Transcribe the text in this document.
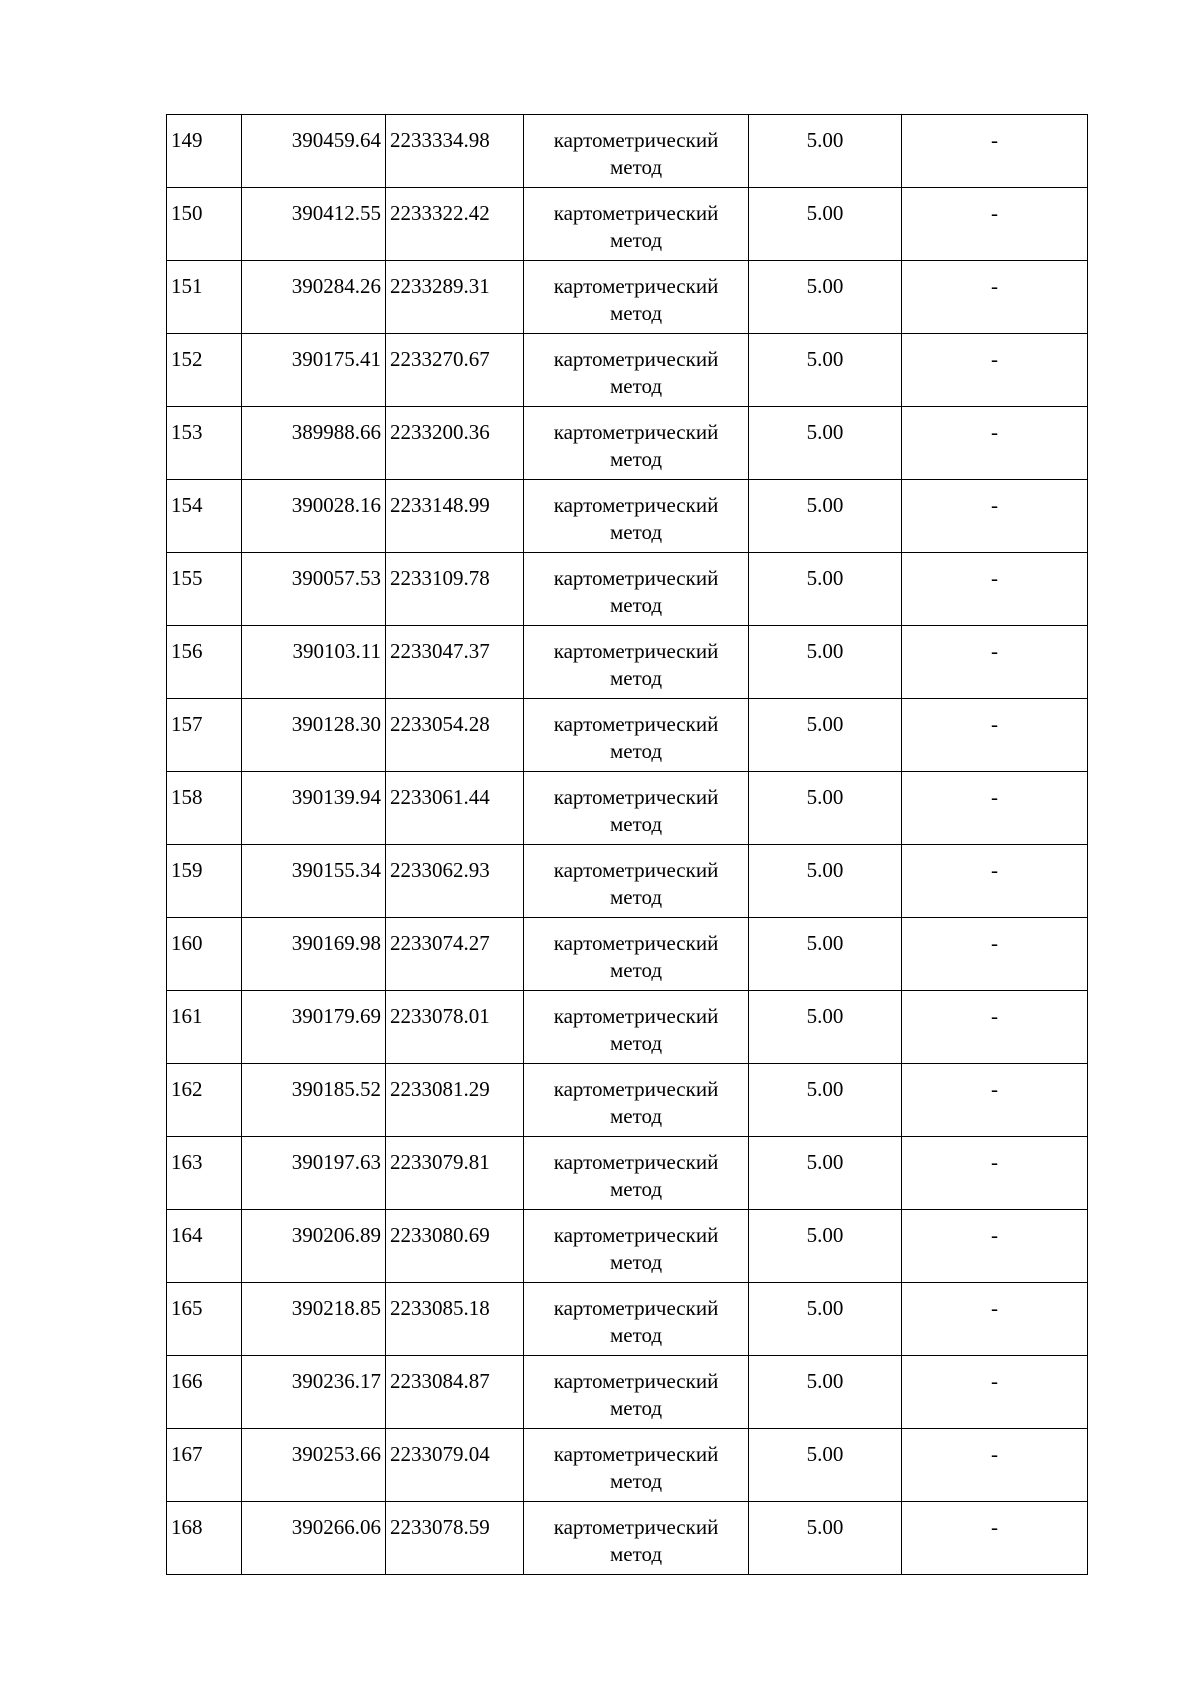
149	390459.64	2233334.98	картометрический метод	5.00	-
150	390412.55	2233322.42	картометрический метод	5.00	-
151	390284.26	2233289.31	картометрический метод	5.00	-
152	390175.41	2233270.67	картометрический метод	5.00	-
153	389988.66	2233200.36	картометрический метод	5.00	-
154	390028.16	2233148.99	картометрический метод	5.00	-
155	390057.53	2233109.78	картометрический метод	5.00	-
156	390103.11	2233047.37	картометрический метод	5.00	-
157	390128.30	2233054.28	картометрический метод	5.00	-
158	390139.94	2233061.44	картометрический метод	5.00	-
159	390155.34	2233062.93	картометрический метод	5.00	-
160	390169.98	2233074.27	картометрический метод	5.00	-
161	390179.69	2233078.01	картометрический метод	5.00	-
162	390185.52	2233081.29	картометрический метод	5.00	-
163	390197.63	2233079.81	картометрический метод	5.00	-
164	390206.89	2233080.69	картометрический метод	5.00	-
165	390218.85	2233085.18	картометрический метод	5.00	-
166	390236.17	2233084.87	картометрический метод	5.00	-
167	390253.66	2233079.04	картометрический метод	5.00	-
168	390266.06	2233078.59	картометрический метод	5.00	-
